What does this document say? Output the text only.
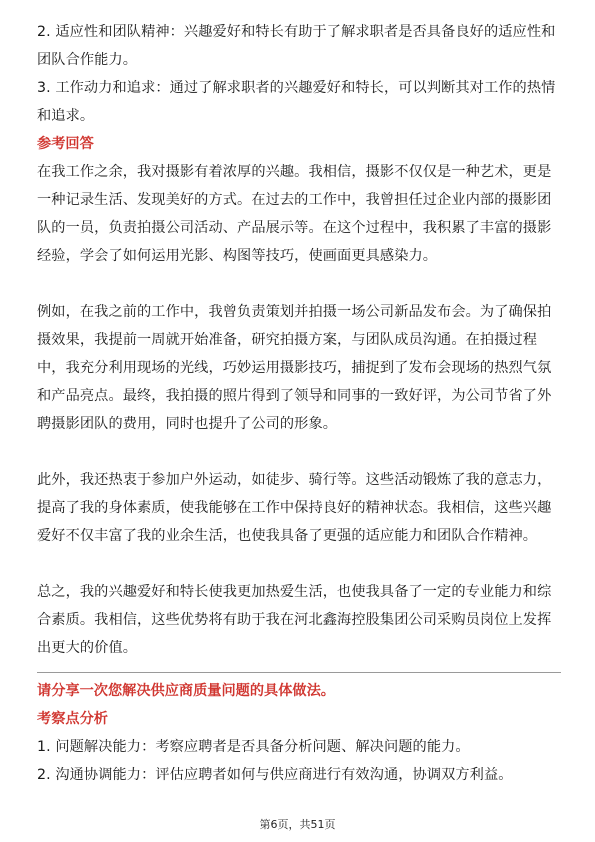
2. 适应性和团队精神：兴趣爱好和特长有助于了解求职者是否具备良好的适应性和
团队合作能力。
3. 工作动力和追求：通过了解求职者的兴趣爱好和特长，可以判断其对工作的热情
和追求。
参考回答
在我工作之余，我对摄影有着浓厚的兴趣。我相信，摄影不仅仅是一种艺术，更是
一种记录生活、发现美好的方式。在过去的工作中，我曾担任过企业内部的摄影团
队的一员，负责拍摄公司活动、产品展示等。在这个过程中，我积累了丰富的摄影
经验，学会了如何运用光影、构图等技巧，使画面更具感染力。
例如，在我之前的工作中，我曾负责策划并拍摄一场公司新品发布会。为了确保拍
摄效果，我提前一周就开始准备，研究拍摄方案，与团队成员沟通。在拍摄过程
中，我充分利用现场的光线，巧妙运用摄影技巧，捕捉到了发布会现场的热烈气氛
和产品亮点。最终，我拍摄的照片得到了领导和同事的一致好评，为公司节省了外
聘摄影团队的费用，同时也提升了公司的形象。
此外，我还热衷于参加户外运动，如徒步、骑行等。这些活动锻炼了我的意志力，
提高了我的身体素质，使我能够在工作中保持良好的精神状态。我相信，这些兴趣
爱好不仅丰富了我的业余生活，也使我具备了更强的适应能力和团队合作精神。
总之，我的兴趣爱好和特长使我更加热爱生活，也使我具备了一定的专业能力和综
合素质。我相信，这些优势将有助于我在河北鑫海控股集团公司采购员岗位上发挥
出更大的价值。
请分享一次您解决供应商质量问题的具体做法。
考察点分析
1. 问题解决能力：考察应聘者是否具备分析问题、解决问题的能力。
2. 沟通协调能力：评估应聘者如何与供应商进行有效沟通，协调双方利益。
第6页，共51页
